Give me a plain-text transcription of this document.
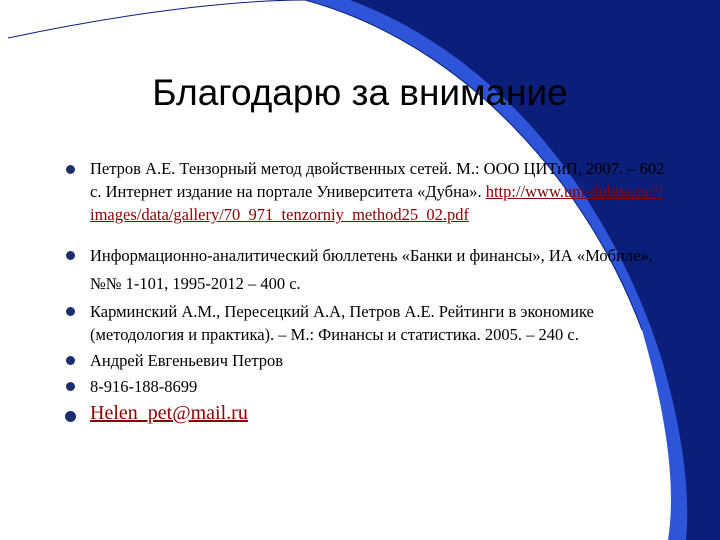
Благодарю за внимание
Петров А.Е. Тензорный метод двойственных сетей. М.: ООО ЦИТиП, 2007. – 602 с. Интернет издание на портале Университета «Дубна». http://www.uni-dubna.ru///images/data/gallery/70_971_tenzorniy_method25_02.pdf
Информационно-аналитический бюллетень «Банки и финансы», ИА «Мобиле», №№ 1-101, 1995-2012 – 400 с.
Карминский А.М., Пересецкий А.А, Петров А.Е. Рейтинги в экономике (методология и практика). – М.: Финансы и статистика. 2005. – 240 с.
Андрей Евгеньевич Петров
8-916-188-8699
Helen_pet@mail.ru
